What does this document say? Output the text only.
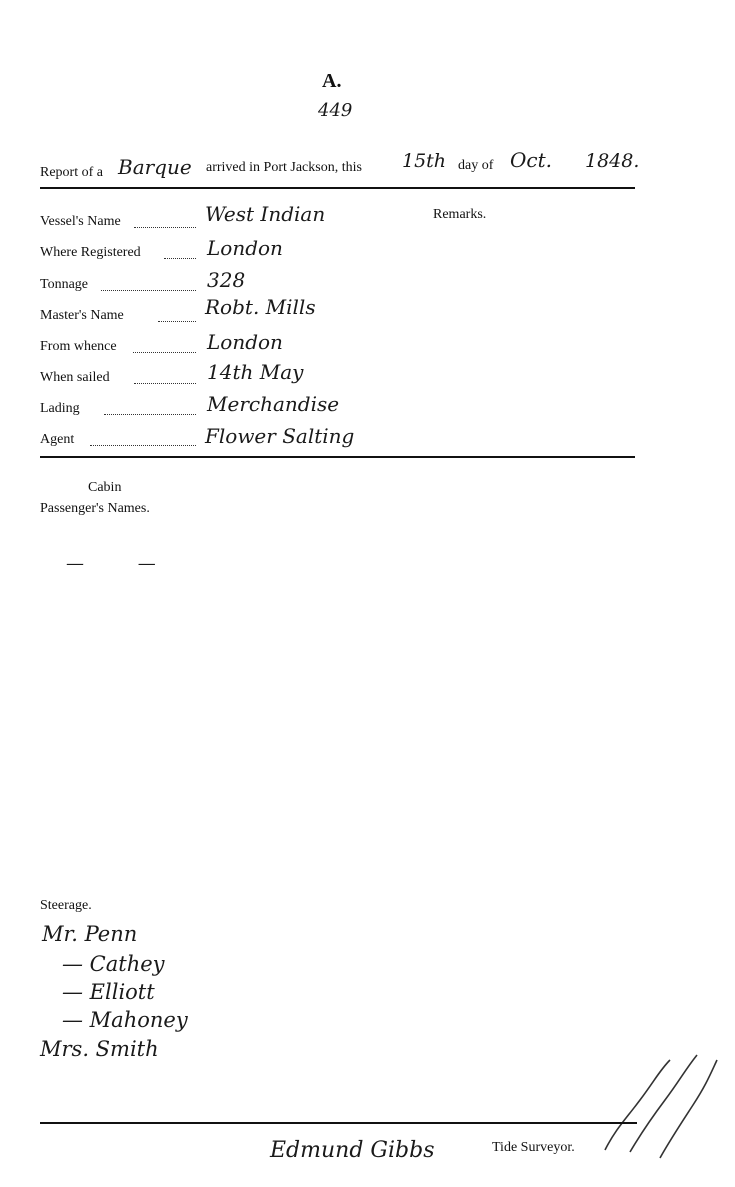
A.
449
Report of a Barque arrived in Port Jackson, this 15th day of Oct. 1848.
Remarks.
Vessel's Name	West Indian
Where Registered	London
Tonnage	328
Master's Name	Robt. Mills
From whence	London
When sailed	14th May
Lading	Merchandise
Agent	Flower Salting
Cabin
Passenger's Names.
— —
Steerage.
Mr. Penn
— Cathey
— Elliott
— Mahoney
Mrs. Smith
Edmund Gibbs	Tide Surveyor.
